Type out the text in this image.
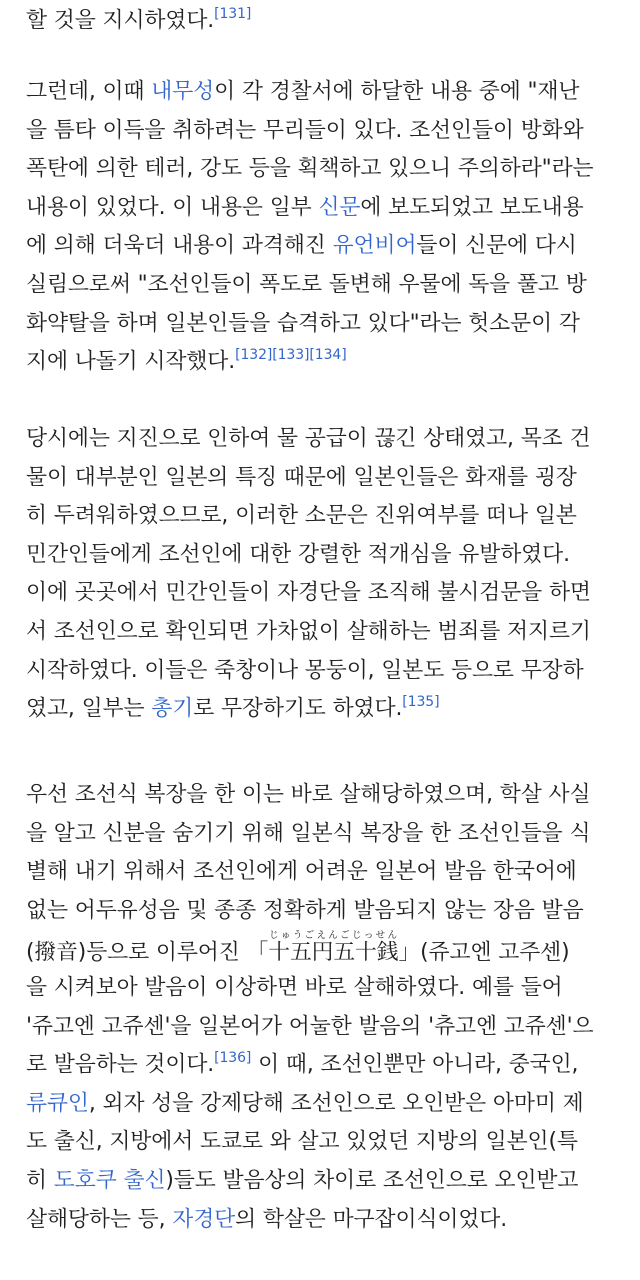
할 것을 지시하였다.[131]
그런데, 이때 내무성이 각 경찰서에 하달한 내용 중에 "재난
을 틈타 이득을 취하려는 무리들이 있다. 조선인들이 방화와
폭탄에 의한 테러, 강도 등을 획책하고 있으니 주의하라"라는
내용이 있었다. 이 내용은 일부 신문에 보도되었고 보도내용
에 의해 더욱더 내용이 과격해진 유언비어들이 신문에 다시
실림으로써 "조선인들이 폭도로 돌변해 우물에 독을 풀고 방
화약탈을 하며 일본인들을 습격하고 있다"라는 헛소문이 각
지에 나돌기 시작했다.[132][133][134]
당시에는 지진으로 인하여 물 공급이 끊긴 상태였고, 목조 건
물이 대부분인 일본의 특징 때문에 일본인들은 화재를 굉장
히 두려워하였으므로, 이러한 소문은 진위여부를 떠나 일본
민간인들에게 조선인에 대한 강렬한 적개심을 유발하였다.
이에 곳곳에서 민간인들이 자경단을 조직해 불시검문을 하면
서 조선인으로 확인되면 가차없이 살해하는 범죄를 저지르기
시작하였다. 이들은 죽창이나 몽둥이, 일본도 등으로 무장하
였고, 일부는 총기로 무장하기도 하였다.[135]
우선 조선식 복장을 한 이는 바로 살해당하였으며, 학살 사실
을 알고 신분을 숨기기 위해 일본식 복장을 한 조선인들을 식
별해 내기 위해서 조선인에게 어려운 일본어 발음 한국어에
없는 어두유성음 및 종종 정확하게 발음되지 않는 장음 발음
(撥音)등으로 이루어진 「十五円五十銭じゅうごえんごじっせん」(쥬고엔 고주센)
을 시켜보아 발음이 이상하면 바로 살해하였다. 예를 들어
'쥬고엔 고쥬센'을 일본어가 어눌한 발음의 '츄고엔 고쥬센'으
로 발음하는 것이다.[136] 이 때, 조선인뿐만 아니라, 중국인,
류큐인, 외자 성을 강제당해 조선인으로 오인받은 아마미 제
도 출신, 지방에서 도쿄로 와 살고 있었던 지방의 일본인(특
히 도호쿠 출신)들도 발음상의 차이로 조선인으로 오인받고
살해당하는 등, 자경단의 학살은 마구잡이식이었다.
